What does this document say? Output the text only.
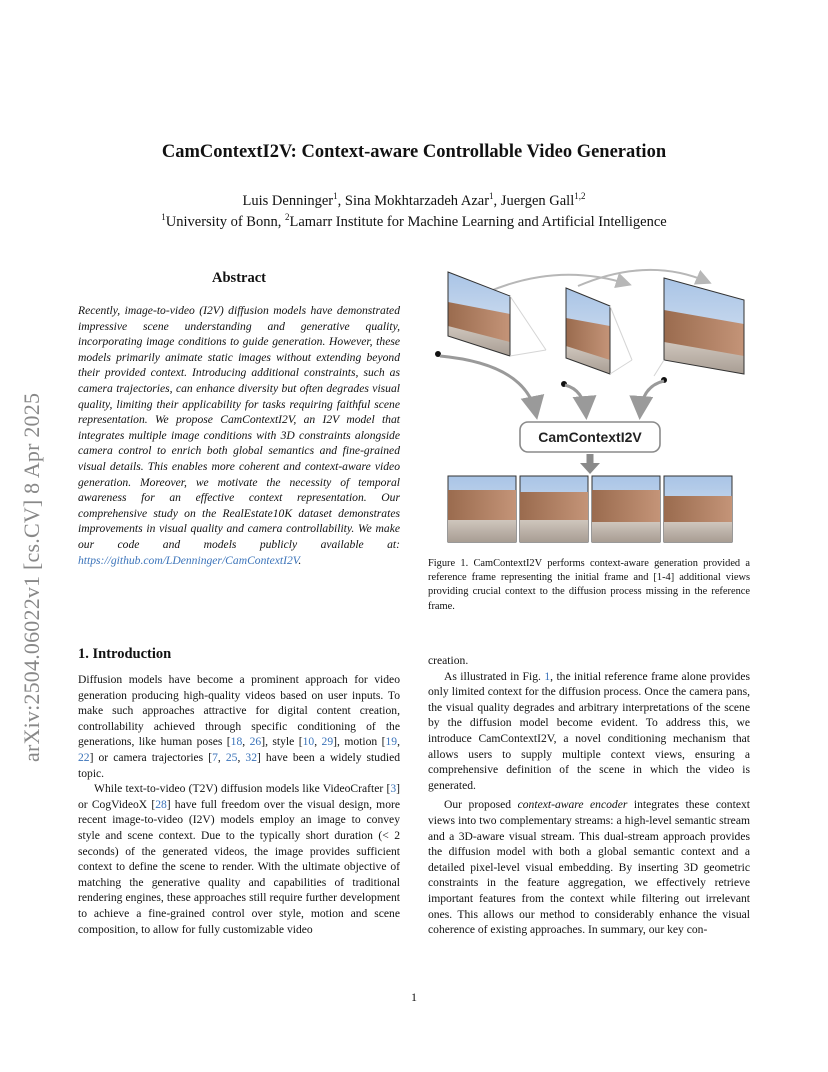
arXiv:2504.06022v1 [cs.CV] 8 Apr 2025
CamContextI2V: Context-aware Controllable Video Generation
Luis Denninger$^1$, Sina Mokhtarzadeh Azar$^1$, Juergen Gall$^{1,2}$
$^1$University of Bonn, $^2$Lamarr Institute for Machine Learning and Artificial Intelligence
Abstract
Recently, image-to-video (I2V) diffusion models have demonstrated impressive scene understanding and generative quality, incorporating image conditions to guide generation. However, these models primarily animate static images without extending beyond their provided context. Introducing additional constraints, such as camera trajectories, can enhance diversity but often degrades visual quality, limiting their applicability for tasks requiring faithful scene representation. We propose CamContextI2V, an I2V model that integrates multiple image conditions with 3D constraints alongside camera control to enrich both global semantics and fine-grained visual details. This enables more coherent and context-aware video generation. Moreover, we motivate the necessity of temporal awareness for an effective context representation. Our comprehensive study on the RealEstate10K dataset demonstrates improvements in visual quality and camera controllability. We make our code and models publicly available at: https://github.com/LDenninger/CamContextI2V.
CamContextI2V
Figure 1. CamContextI2V performs context-aware generation provided a reference frame representing the initial frame and [1-4] additional views providing crucial context to the diffusion process missing in the reference frame.
1. Introduction

Diffusion models have become a prominent approach for video generation producing high-quality videos based on user inputs. To make such approaches attractive for digital content creation, controllability achieved through specific conditioning of the generations, like human poses [18, 26], style [10, 29], motion [19, 22] or camera trajectories [7, 25, 32] have been a widely studied topic.

While text-to-video (T2V) diffusion models like VideoCrafter [3] or CogVideoX [28] have full freedom over the visual design, more recent image-to-video (I2V) models employ an image to convey style and scene context. Due to the typically short duration (< 2 seconds) of the generated videos, the image provides sufficient context to define the scene to render. With the ultimate objective of matching the generative quality and capabilities of traditional rendering engines, these approaches still require further development to achieve a fine-grained control over style, motion and scene composition, to allow for fully customizable video

creation.

As illustrated in Fig. 1, the initial reference frame alone provides only limited context for the diffusion process. Once the camera pans, the visual quality degrades and arbitrary interpretations of the scene by the diffusion model become evident. To address this, we introduce CamContextI2V, a novel conditioning mechanism that allows users to supply multiple context views, ensuring a comprehensive definition of the scene in which the video is generated.

Our proposed context-aware encoder integrates these context views into two complementary streams: a high-level semantic stream and a 3D-aware visual stream. This dual-stream approach provides the diffusion model with both a global semantic context and a detailed pixel-level visual embedding. By inserting 3D geometric constraints in the feature aggregation, we effectively retrieve important features from the context while filtering out irrelevant ones. This allows our method to considerably enhance the visual coherence of existing approaches. In summary, our key con-

1
